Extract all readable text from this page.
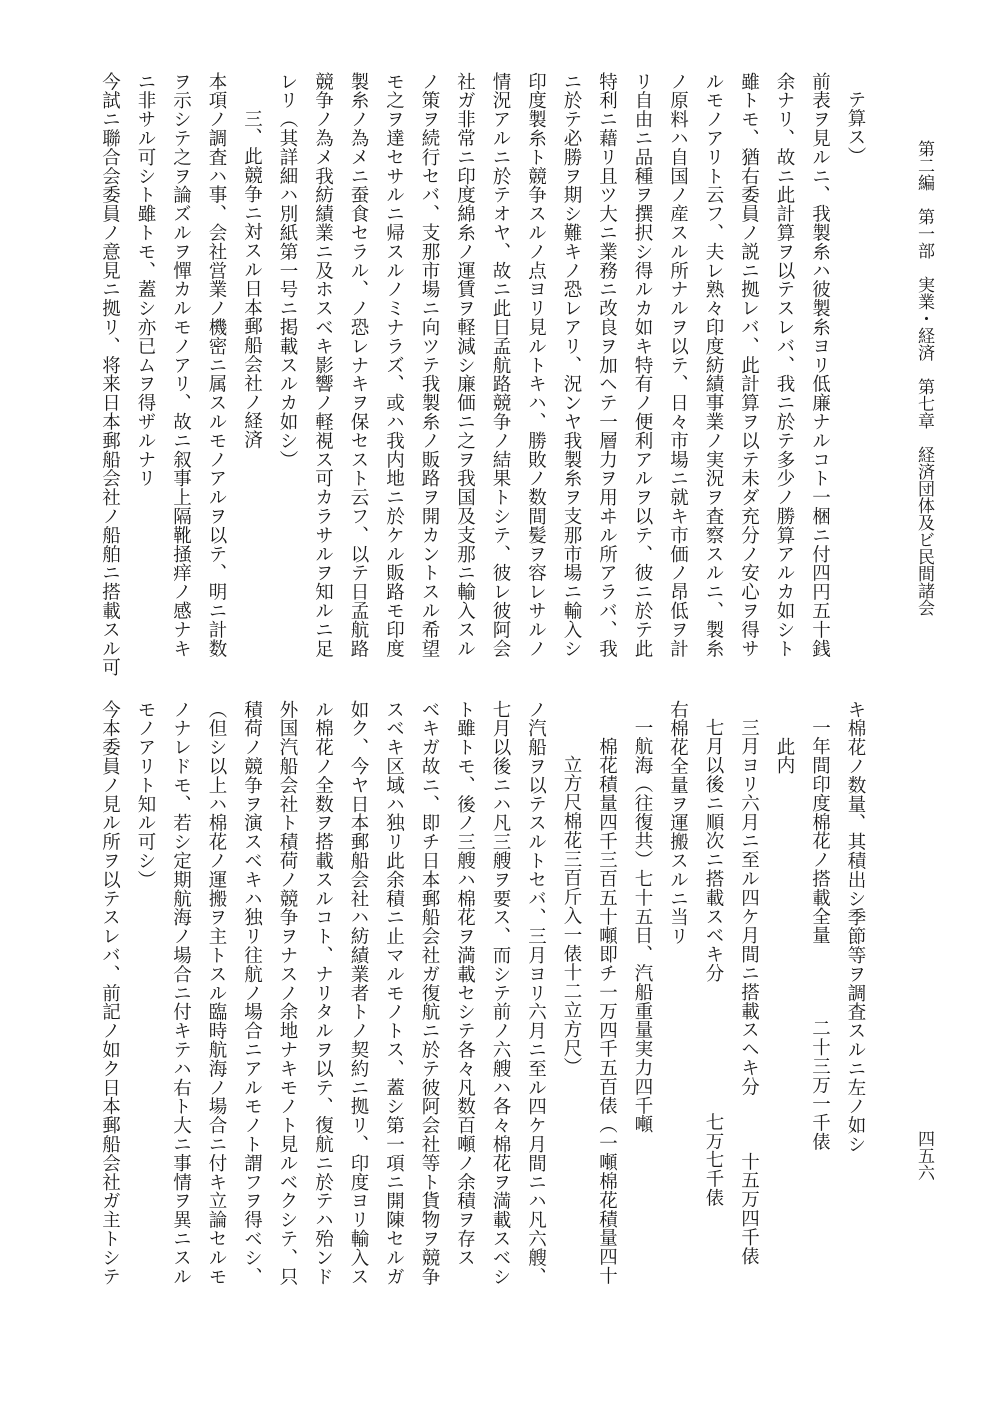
第二編　第一部　実業・経済　第七章　経済団体及ビ民間諸会
四五六
テ算ス）
前表ヲ見ルニ、我製糸ハ彼製糸ヨリ低廉ナルコト一梱ニ付四円五十銭
余ナリ、故ニ此計算ヲ以テスレバ、我ニ於テ多少ノ勝算アルカ如シト
雖トモ、猶右委員ノ説ニ拠レバ、此計算ヲ以テ未ダ充分ノ安心ヲ得サ
ルモノアリト云フ、夫レ熟々印度紡績事業ノ実況ヲ査察スルニ、製糸
ノ原料ハ自国ノ産スル所ナルヲ以テ、日々市場ニ就キ市価ノ昂低ヲ計
リ自由ニ品種ヲ撰択シ得ルカ如キ特有ノ便利アルヲ以テ、彼ニ於テ此
特利ニ藉リ且ツ大ニ業務ニ改良ヲ加ヘテ一層力ヲ用ヰル所アラバ、我
ニ於テ必勝ヲ期シ難キノ恐レアリ、況ンヤ我製糸ヲ支那市場ニ輸入シ
印度製糸ト競争スルノ点ヨリ見ルトキハ、勝敗ノ数間髪ヲ容レサルノ
情況アルニ於テオヤ、故ニ此日孟航路競争ノ結果トシテ、彼レ彼阿会
社ガ非常ニ印度綿糸ノ運賃ヲ軽減シ廉価ニ之ヲ我国及支那ニ輸入スル
ノ策ヲ続行セバ、支那市場ニ向ツテ我製糸ノ販路ヲ開カントスル希望
モ之ヲ達セサルニ帰スルノミナラズ、或ハ我内地ニ於ケル販路モ印度
製糸ノ為メニ蚕食セラル、ノ恐レナキヲ保セスト云フ、以テ日孟航路
競争ノ為メ我紡績業ニ及ホスベキ影響ノ軽視ス可カラサルヲ知ルニ足
レリ（其詳細ハ別紙第一号ニ掲載スルカ如シ）
三、此競争ニ対スル日本郵船会社ノ経済
本項ノ調査ハ事、会社営業ノ機密ニ属スルモノアルヲ以テ、明ニ計数
ヲ示シテ之ヲ論ズルヲ憚カルモノアリ、故ニ叙事上隔靴掻痒ノ感ナキ
ニ非サル可シト雖トモ、蓋シ亦已ムヲ得ザルナリ
今試ニ聯合会委員ノ意見ニ拠リ、将来日本郵船会社ノ船舶ニ搭載スル可
キ棉花ノ数量、其積出シ季節等ヲ調査スルニ左ノ如シ
一年間印度棉花ノ搭載全量二十三万一千俵
此内
三月ヨリ六月ニ至ル四ケ月間ニ搭載スヘキ分十五万四千俵
七月以後ニ順次ニ搭載スベキ分七万七千俵
右棉花全量ヲ運搬スルニ当リ
一航海（往復共）七十五日、汽船重量実力四千噸
棉花積量四千三百五十噸即チ一万四千五百俵（一噸棉花積量四十
立方尺棉花三百斤入一俵十二立方尺）
ノ汽船ヲ以テスルトセバ、三月ヨリ六月ニ至ル四ケ月間ニハ凡六艘、
七月以後ニハ凡三艘ヲ要ス、而シテ前ノ六艘ハ各々棉花ヲ満載スベシ
ト雖トモ、後ノ三艘ハ棉花ヲ満載セシテ各々凡数百噸ノ余積ヲ存ス
ベキガ故ニ、即チ日本郵船会社ガ復航ニ於テ彼阿会社等ト貨物ヲ競争
スベキ区域ハ独リ此余積ニ止マルモノトス、蓋シ第一項ニ開陳セルガ
如ク、今ヤ日本郵船会社ハ紡績業者トノ契約ニ拠リ、印度ヨリ輸入ス
ル棉花ノ全数ヲ搭載スルコト、ナリタルヲ以テ、復航ニ於テハ殆ンド
外国汽船会社ト積荷ノ競争ヲナスノ余地ナキモノト見ルベクシテ、只
積荷ノ競争ヲ演スベキハ独リ往航ノ場合ニアルモノト謂フヲ得ベシ、
（但シ以上ハ棉花ノ運搬ヲ主トスル臨時航海ノ場合ニ付キ立論セルモ
ノナレドモ、若シ定期航海ノ場合ニ付キテハ右ト大ニ事情ヲ異ニスル
モノアリト知ル可シ）
今本委員ノ見ル所ヲ以テスレバ、前記ノ如ク日本郵船会社ガ主トシテ
